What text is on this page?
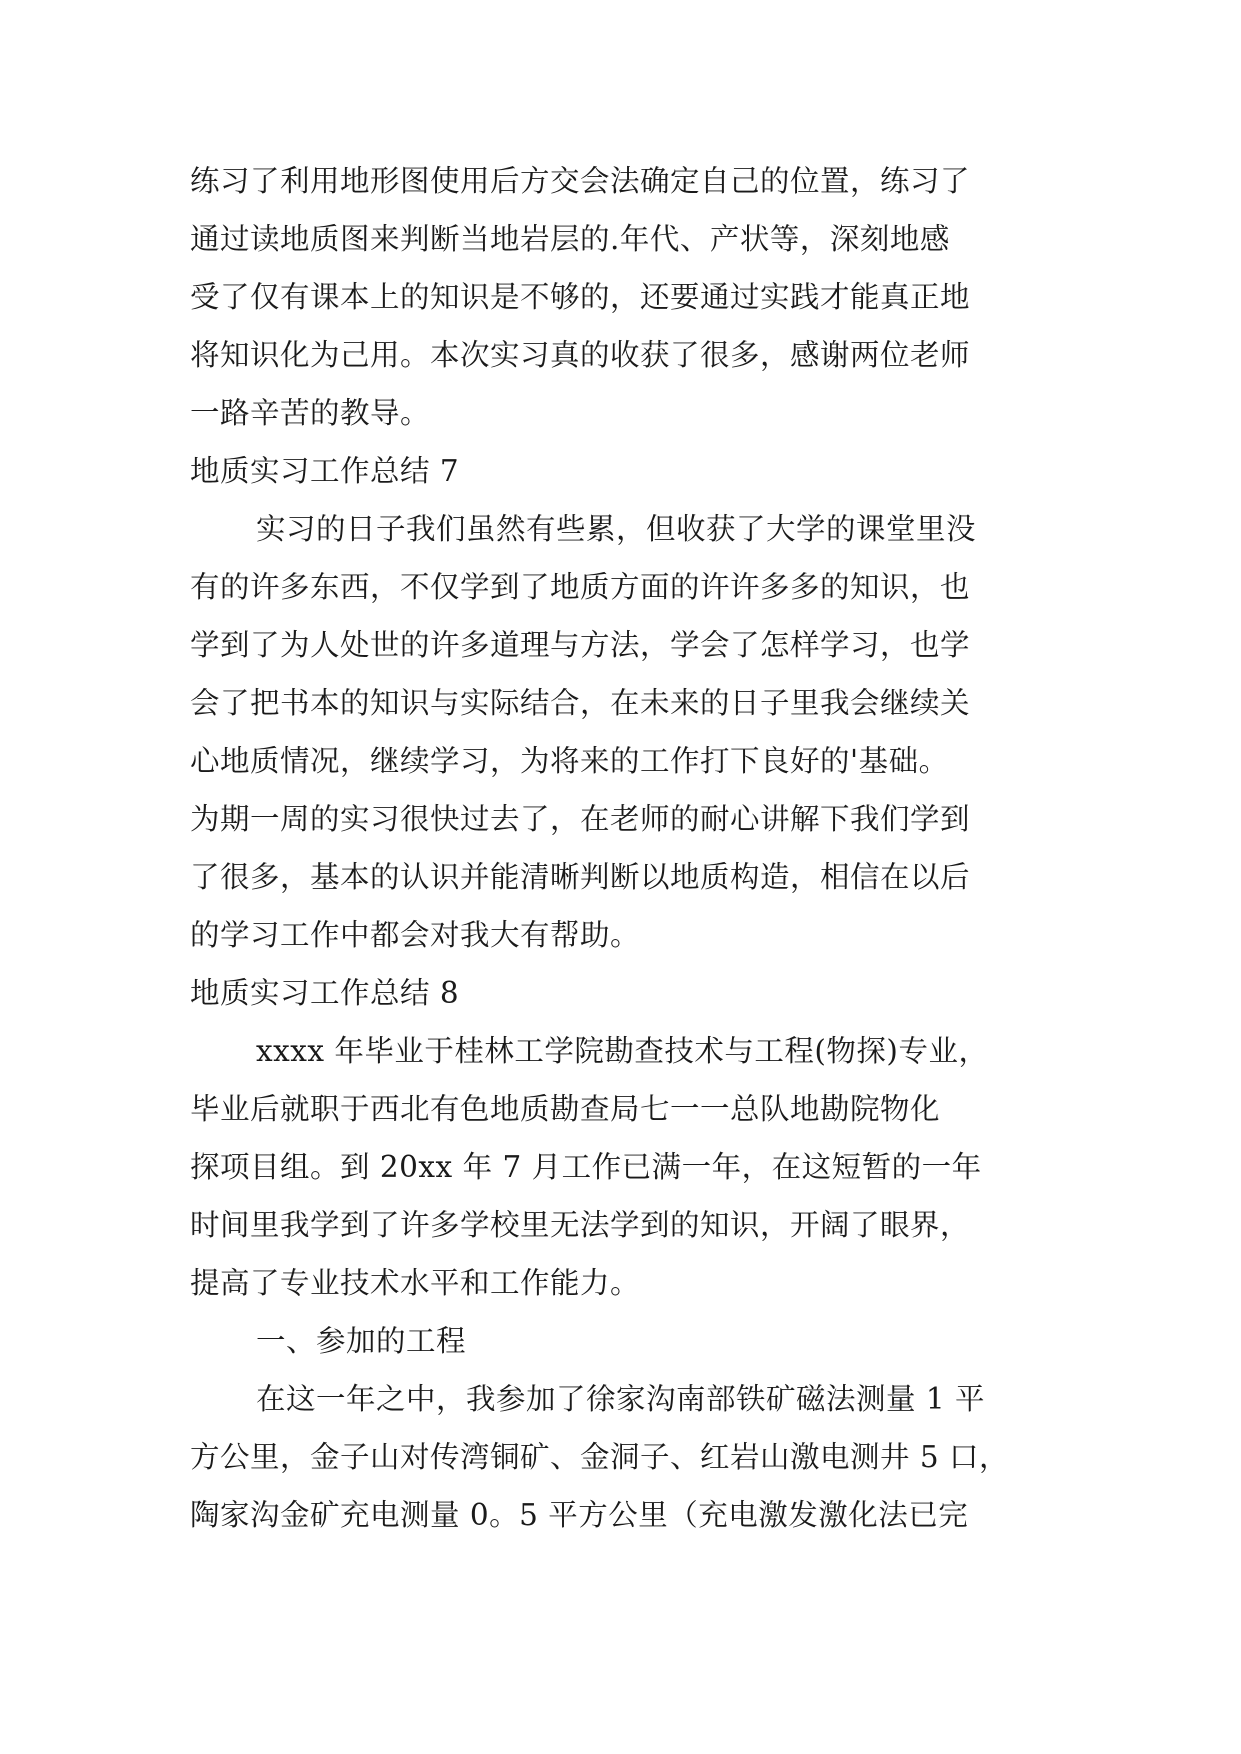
练习了利用地形图使用后方交会法确定自己的位置，练习了
通过读地质图来判断当地岩层的.年代、产状等，深刻地感
受了仅有课本上的知识是不够的，还要通过实践才能真正地
将知识化为己用。本次实习真的收获了很多，感谢两位老师
一路辛苦的教导。
地质实习工作总结 7
实习的日子我们虽然有些累，但收获了大学的课堂里没
有的许多东西，不仅学到了地质方面的许许多多的知识，也
学到了为人处世的许多道理与方法，学会了怎样学习，也学
会了把书本的知识与实际结合，在未来的日子里我会继续关
心地质情况，继续学习，为将来的工作打下良好的'基础。
为期一周的实习很快过去了，在老师的耐心讲解下我们学到
了很多，基本的认识并能清晰判断以地质构造，相信在以后
的学习工作中都会对我大有帮助。
地质实习工作总结 8
xxxx 年毕业于桂林工学院勘查技术与工程(物探)专业，
毕业后就职于西北有色地质勘查局七一一总队地勘院物化
探项目组。到 20xx 年 7 月工作已满一年，在这短暂的一年
时间里我学到了许多学校里无法学到的知识，开阔了眼界，
提高了专业技术水平和工作能力。
一、参加的工程
在这一年之中，我参加了徐家沟南部铁矿磁法测量 1 平
方公里，金子山对传湾铜矿、金洞子、红岩山激电测井 5 口，
陶家沟金矿充电测量 0。5 平方公里（充电激发激化法已完
